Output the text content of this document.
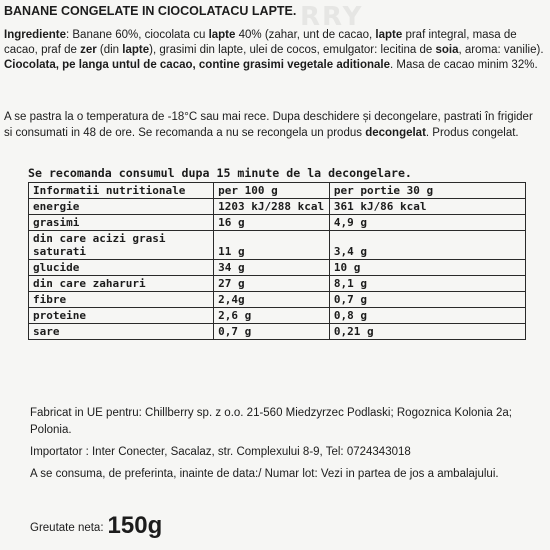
RRY
BANANE CONGELATE IN CIOCOLATACU LAPTE.
Ingrediente: Banane 60%, ciocolata cu lapte 40% (zahar, unt de cacao, lapte praf integral, masa de cacao, praf de zer (din lapte), grasimi din lapte, ulei de cocos, emulgator: lecitina de soia, aroma: vanilie). Ciocolata, pe langa untul de cacao, contine grasimi vegetale aditionale. Masa de cacao minim 32%.
A se pastra la o temperatura de -18°C sau mai rece. Dupa deschidere și decongelare, pastrati în frigider si consumati in 48 de ore. Se recomanda a nu se recongela un produs decongelat. Produs congelat.
Se recomanda consumul dupa 15 minute de la decongelare.
Informatii nutritionale	per 100 g	per portie 30 g
energie	1203 kJ/288 kcal	361 kJ/86 kcal
grasimi	16 g	4,9 g
din care acizi grasi saturati	11 g	3,4 g
glucide	34 g	10 g
din care zaharuri	27 g	8,1 g
fibre	2,4g	0,7 g
proteine	2,6 g	0,8 g
sare	0,7 g	0,21 g

Fabricat in UE pentru: Chillberry sp. z o.o. 21-560 Miedzyrzec Podlaski; Rogoznica Kolonia 2a; Polonia.

Importator : Inter Conecter, Sacalaz, str. Complexului 8-9, Tel: 0724343018

A se consuma, de preferinta, inainte de data:/ Numar lot: Vezi in partea de jos a ambalajului.

Greutate neta: 150g
